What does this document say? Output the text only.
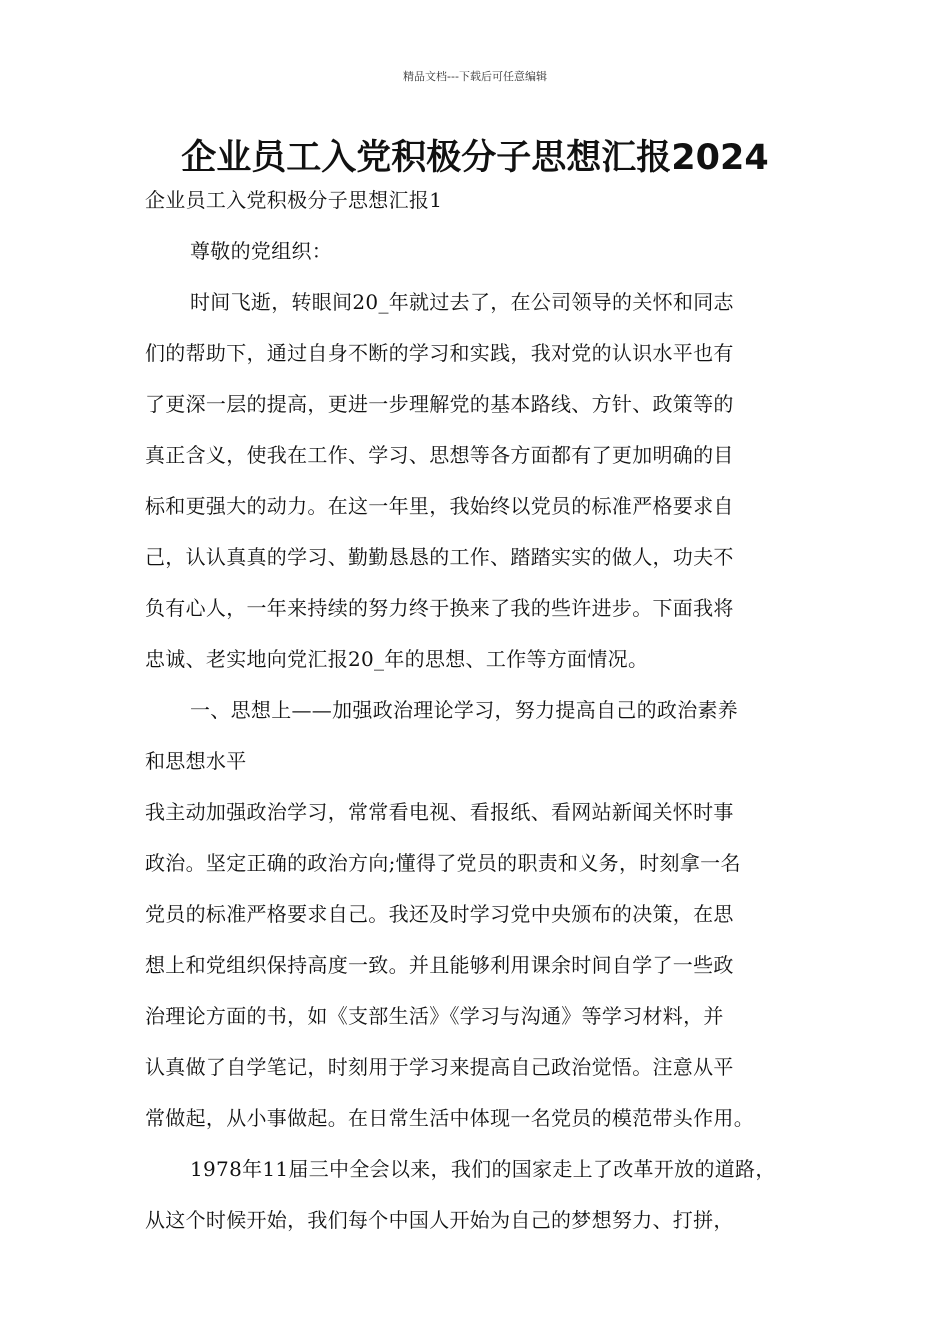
精品文档---下载后可任意编辑
企业员工入党积极分子思想汇报2024
企业员工入党积极分子思想汇报1
尊敬的党组织：
时间飞逝，转眼间20_年就过去了，在公司领导的关怀和同志
们的帮助下，通过自身不断的学习和实践，我对党的认识水平也有
了更深一层的提高，更进一步理解党的基本路线、方针、政策等的
真正含义，使我在工作、学习、思想等各方面都有了更加明确的目
标和更强大的动力。在这一年里，我始终以党员的标准严格要求自
己，认认真真的学习、勤勤恳恳的工作、踏踏实实的做人，功夫不
负有心人，一年来持续的努力终于换来了我的些许进步。下面我将
忠诚、老实地向党汇报20_年的思想、工作等方面情况。
一、思想上——加强政治理论学习，努力提高自己的政治素养
和思想水平
我主动加强政治学习，常常看电视、看报纸、看网站新闻关怀时事
政治。坚定正确的政治方向;懂得了党员的职责和义务，时刻拿一名
党员的标准严格要求自己。我还及时学习党中央颁布的决策，在思
想上和党组织保持高度一致。并且能够利用课余时间自学了一些政
治理论方面的书，如《支部生活》《学习与沟通》等学习材料，并
认真做了自学笔记，时刻用于学习来提高自己政治觉悟。注意从平
常做起，从小事做起。在日常生活中体现一名党员的模范带头作用。
1978年11届三中全会以来，我们的国家走上了改革开放的道路，
从这个时候开始，我们每个中国人开始为自己的梦想努力、打拼，
